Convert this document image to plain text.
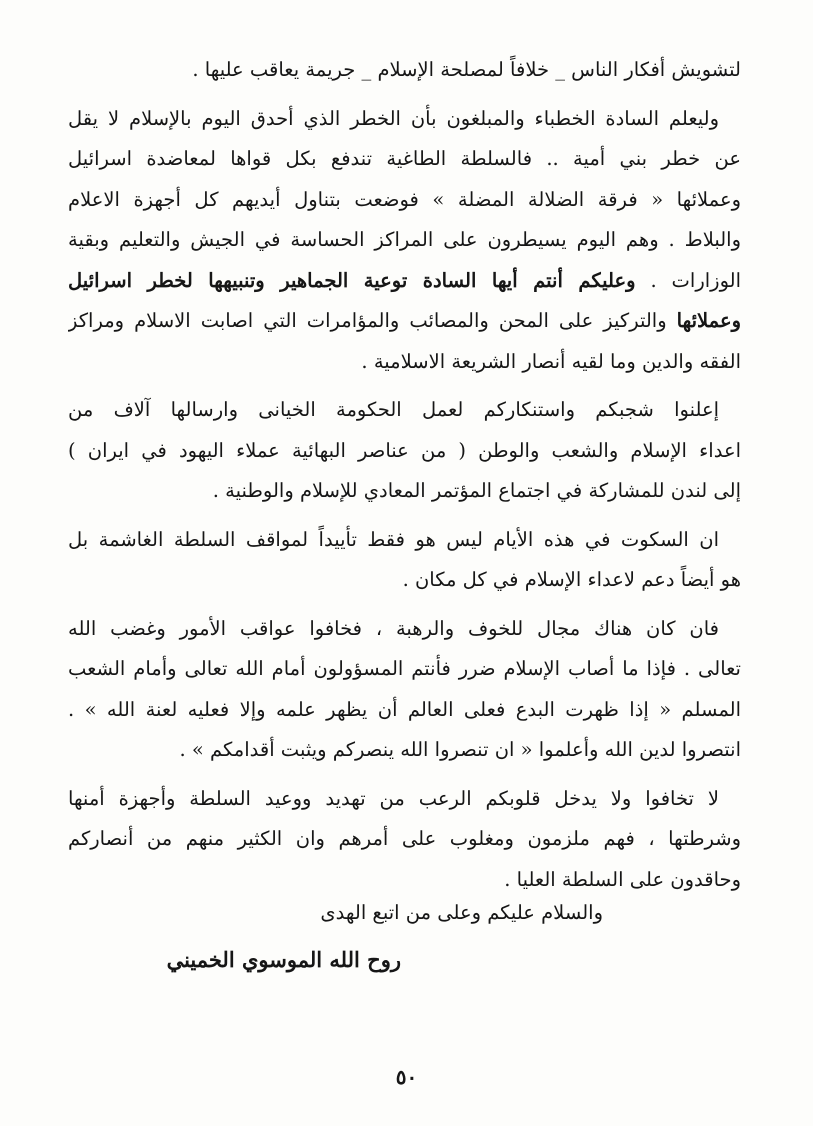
لتشويش أفكار الناس _ خلافاً لمصلحة الإسلام _ جريمة يعاقب عليها .
وليعلم السادة الخطباء والمبلغون بأن الخطر الذي أحدق اليوم بالإسلام لا يقل
عن خطر بني أمية .. فالسلطة الطاغية تندفع بكل قواها لمعاضدة اسرائيل
وعملائها « فرقة الضلالة المضلة » فوضعت بتناول أيديهم كل أجهزة الاعلام
والبلاط . وهم اليوم يسيطرون على المراكز الحساسة في الجيش والتعليم وبقية
الوزارات . وعليكم أنتم أيها السادة توعية الجماهير وتنبيهها لخطر اسرائيل
وعملائها والتركيز على المحن والمصائب والمؤامرات التي اصابت الاسلام ومراكز
الفقه والدين وما لقيه أنصار الشريعة الاسلامية .
إعلنوا شجبكم واستنكاركم لعمل الحكومة الخيانى وارسالها آلاف من
اعداء الإسلام والشعب والوطن ( من عناصر البهائية عملاء اليهود في ايران )
إلى لندن للمشاركة في اجتماع المؤتمر المعادي للإسلام والوطنية .
ان السكوت في هذه الأيام ليس هو فقط تأييداً لمواقف السلطة الغاشمة بل
هو أيضاً دعم لاعداء الإسلام في كل مكان .
فان كان هناك مجال للخوف والرهبة ، فخافوا عواقب الأمور وغضب الله
تعالى . فإذا ما أصاب الإسلام ضرر فأنتم المسؤولون أمام الله تعالى وأمام الشعب
المسلم « إذا ظهرت البدع فعلى العالم أن يظهر علمه وإلا فعليه لعنة الله » .
انتصروا لدين الله وأعلموا « ان تنصروا الله ينصركم ويثبت أقدامكم » .
لا تخافوا ولا يدخل قلوبكم الرعب من تهديد ووعيد السلطة وأجهزة أمنها
وشرطتها ، فهم ملزمون ومغلوب على أمرهم وان الكثير منهم من أنصاركم
وحاقدون على السلطة العليا .
والسلام عليكم وعلى من اتبع الهدى
روح الله الموسوي الخميني
٥٠
